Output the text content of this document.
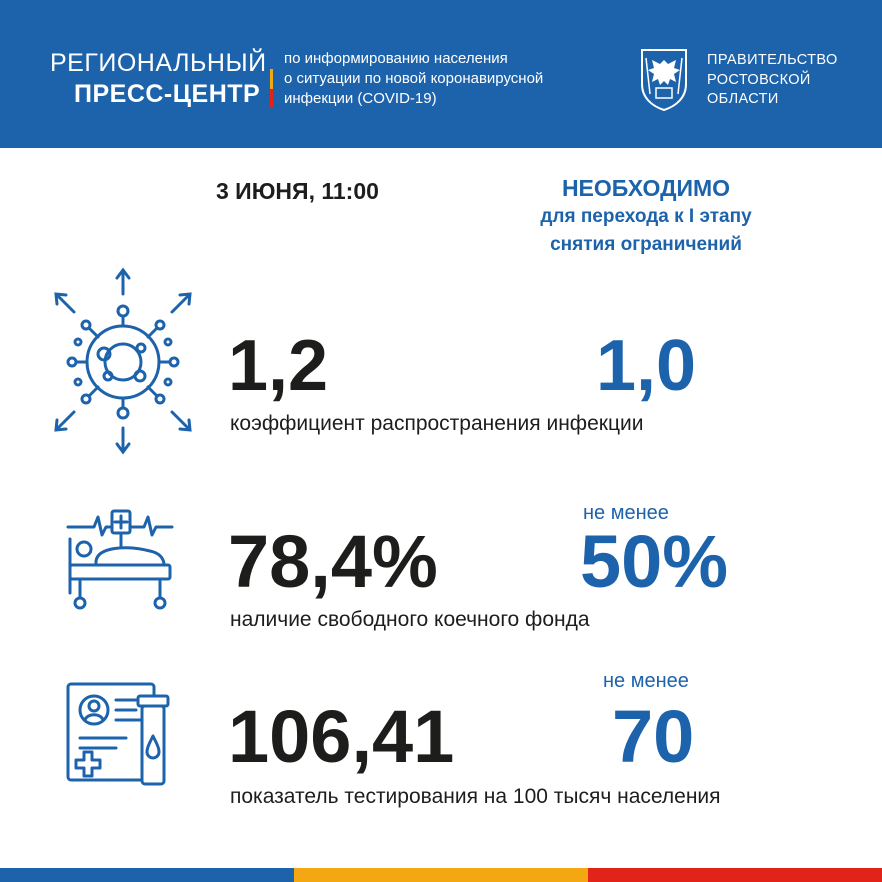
РЕГИОНАЛЬНЫЙ
ПРЕСС-ЦЕНТР
по информированию населения
о ситуации по новой коронавирусной
инфекции (COVID-19)
ПРАВИТЕЛЬСТВО
РОСТОВСКОЙ
ОБЛАСТИ
3 ИЮНЯ, 11:00	НЕОБХОДИМО
для перехода к I этапу
снятия ограничений
1,2	1,0
коэффициент распространения инфекции
не менее
78,4% 50%
наличие свободного коечного фонда
не менее
106,41 70
показатель тестирования на 100 тысяч населения
